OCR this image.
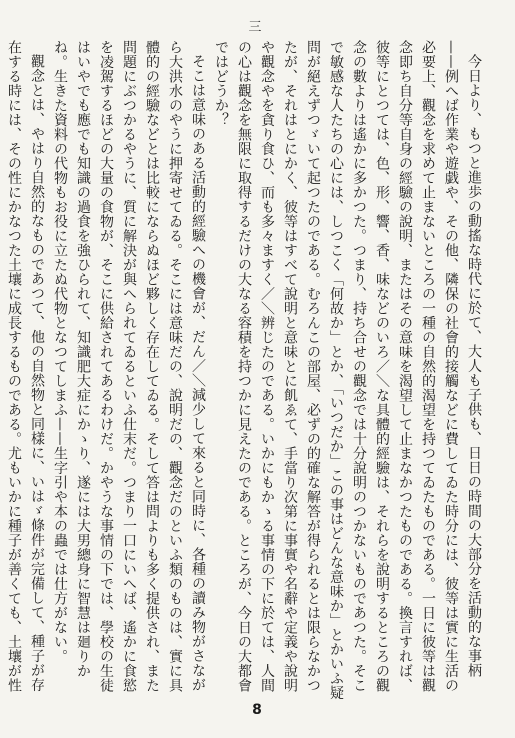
三

今日より、もつと進歩の動搖な時代に於て、大人も子供も、日日の時間の大部分を活動的な事柄——例へば作業や遊戯や、その他、隣保の社會的接觸などに費してゐた時分には、彼等は實に生活の必要上、觀念を求めて止まないところの一種の自然的渴望を持つてゐたものである。一日に彼等は觀念即ち自分等自身の經驗の說明、またはその意味を渴望して止まなかつたものである。換言すれば、彼等にとつては、色、形、響、香、味などのいろ／＼な具體的經驗は、それらを說明するところの觀念の數よりは遙かに多かつた。つまり、持ち合せの觀念では十分說明のつかないものであつた。そこで敏感な人たちの心には、しつこく「何故か」とか、「いつだか」この事はどんな意味か」とかいふ疑問が絕えずつゞいて起つたのである。むろんこの部屋、必ずの的確な解答が得られるとは限らなかつたが、それはとにかく、彼等はすべて說明と意味とに飢ゑて、手當り次第に事實や名辭や定義や說明や觀念やを貪り食ひ、而も多々ますく／＼辨じたのである。いかにもかゝる事情の下に於ては、人間の心は觀念を無限に取得するだけの大なる容積を持つかに見えたのである。ところが、今日の大都會ではどうか？

そこは意味のある活動的經驗への機會が、だん／＼減少して來ると同時に、各種の讀み物がさながら大洪水のやうに押寄せてゐる。そこには意味だの、說明だの、觀念だのといふ類のものは、實に具體的の經驗などとは比較にならぬほど夥しく存在してゐる。そして答は問よりも多く提供され、また問題にぶつかるやうに、質に解決が與へられてゐるといふ仕末だ。つまり一口にいへば、遙かに食慾を凌駕するほどの大量の食物が、そこに供給されてあるわけだ。かやうな事情の下では、學校の生徒はいやでも應でも知識の過食を強ひられて、知識肥大症にかゝり、遂には大男總身に智慧は廻りかね。生きた資料の代物もお役に立たぬ代物となつてしまふ——生字引や本の蟲では仕方がない。

觀念とは、やはり自然的なものであつて、他の自然物と同樣に、いはゞ條件が完備して、種子が存在する時には、その性にかなつた土壤に成長するものである。尤もいかに種子が善くても、土壤が性

8
